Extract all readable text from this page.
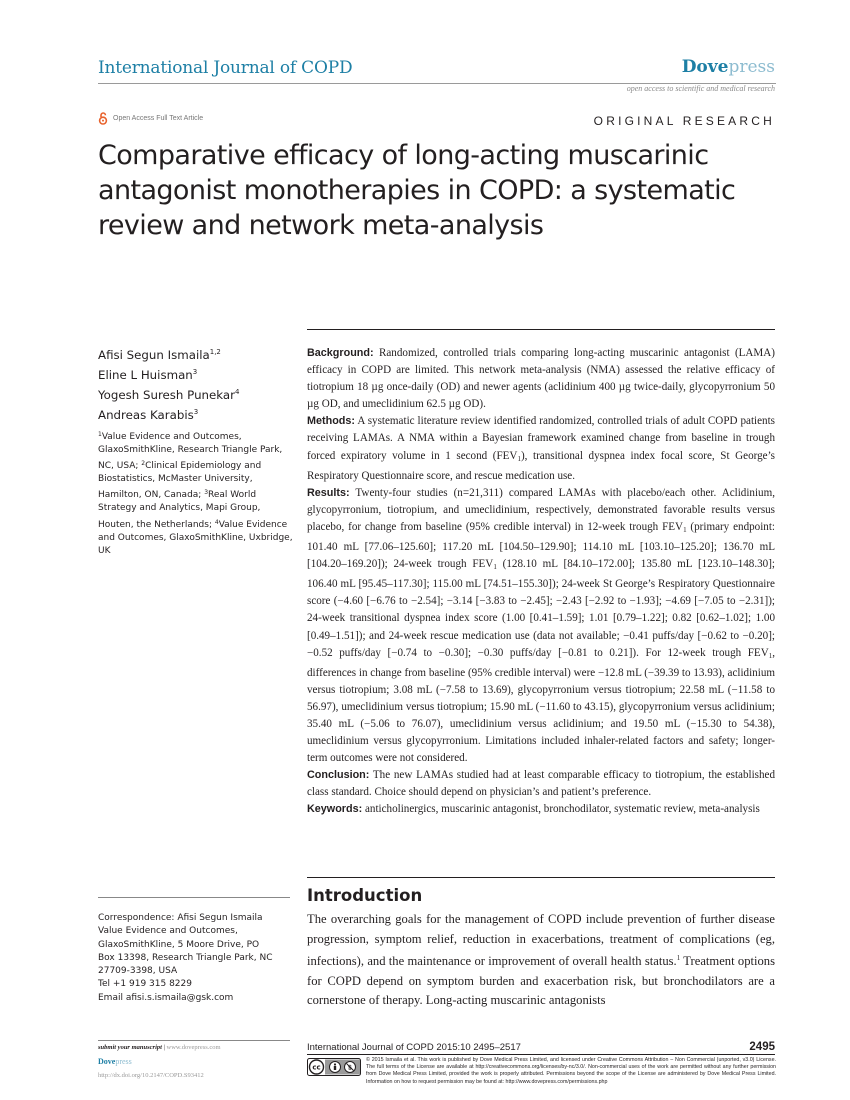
International Journal of COPD	Dovepress
open access to scientific and medical research
Open Access Full Text Article	ORIGINAL RESEARCH
Comparative efficacy of long-acting muscarinic
antagonist monotherapies in COPD: a systematic
review and network meta-analysis
Afisi Segun Ismaila$^{1,2}$
Eline L Huisman$^3$
Yogesh Suresh Punekar$^4$
Andreas Karabis$^3$
$^1$Value Evidence and Outcomes, GlaxoSmithKline, Research Triangle Park, NC, USA; $^2$Clinical Epidemiology and Biostatistics, McMaster University, Hamilton, ON, Canada; $^3$Real World Strategy and Analytics, Mapi Group, Houten, the Netherlands; $^4$Value Evidence and Outcomes, GlaxoSmithKline, Uxbridge, UK
Correspondence: Afisi Segun Ismaila
Value Evidence and Outcomes,
GlaxoSmithKline, 5 Moore Drive, PO
Box 13398, Research Triangle Park, NC
27709-3398, USA
Tel +1 919 315 8229
Email afisi.s.ismaila@gsk.com

Background: Randomized, controlled trials comparing long-acting muscarinic antagonist (LAMA) efficacy in COPD are limited. This network meta-analysis (NMA) assessed the relative efficacy of tiotropium 18 µg once-daily (OD) and newer agents (aclidinium 400 µg twice-daily, glycopyrronium 50 µg OD, and umeclidinium 62.5 µg OD).

Methods: A systematic literature review identified randomized, controlled trials of adult COPD patients receiving LAMAs. A NMA within a Bayesian framework examined change from baseline in trough forced expiratory volume in 1 second $(FEV_1)$, transitional dyspnea index focal score, St George’s Respiratory Questionnaire score, and rescue medication use.

Results: Twenty-four studies (n=21,311) compared LAMAs with placebo/each other. Aclidinium, glycopyrronium, tiotropium, and umeclidinium, respectively, demonstrated favorable results versus placebo, for change from baseline (95% credible interval) in 12-week trough $FEV_1$ (primary endpoint: 101.40 mL [77.06–125.60]; 117.20 mL [104.50–129.90]; 114.10 mL [103.10–125.20]; 136.70 mL [104.20–169.20]); 24-week trough $FEV_1$ (128.10 mL [84.10–172.00]; 135.80 mL [123.10–148.30]; 106.40 mL [95.45–117.30]; 115.00 mL [74.51–155.30]); 24-week St George’s Respiratory Questionnaire score (−4.60 [−6.76 to −2.54]; −3.14 [−3.83 to −2.45]; −2.43 [−2.92 to −1.93]; −4.69 [−7.05 to −2.31]); 24-week transitional dyspnea index score (1.00 [0.41–1.59]; 1.01 [0.79–1.22]; 0.82 [0.62–1.02]; 1.00 [0.49–1.51]); and 24-week rescue medication use (data not available; −0.41 puffs/day [−0.62 to −0.20]; −0.52 puffs/day [−0.74 to −0.30]; −0.30 puffs/day [−0.81 to 0.21]). For 12-week trough $FEV_1$, differences in change from baseline (95% credible interval) were −12.8 mL (−39.39 to 13.93), aclidinium versus tiotropium; 3.08 mL (−7.58 to 13.69), glycopyrronium versus tiotropium; 22.58 mL (−11.58 to 56.97), umeclidinium versus tiotropium; 15.90 mL (−11.60 to 43.15), glycopyrronium versus aclidinium; 35.40 mL (−5.06 to 76.07), umeclidinium versus aclidinium; and 19.50 mL (−15.30 to 54.38), umeclidinium versus glycopyrronium. Limitations included inhaler-related factors and safety; longer-term outcomes were not considered.

Conclusion: The new LAMAs studied had at least comparable efficacy to tiotropium, the established class standard. Choice should depend on physician’s and patient’s preference.

Keywords: anticholinergics, muscarinic antagonist, bronchodilator, systematic review, meta-analysis

Introduction
The overarching goals for the management of COPD include prevention of further disease progression, symptom relief, reduction in exacerbations, treatment of complications (eg, infections), and the maintenance or improvement of overall health status.$^1$ Treatment options for COPD depend on symptom burden and exacerbation risk, but bronchodilators are a cornerstone of therapy. Long-acting muscarinic antagonists
submit your manuscript | www.dovepress.com
Dovepress
http://dx.doi.org/10.2147/COPD.S93412
International Journal of COPD 2015:10 2495–2517	2495
cc	$
© 2015 Ismaila et al. This work is published by Dove Medical Press Limited, and licensed under Creative Commons Attribution – Non Commercial (unported, v3.0) License. The full terms of the License are available at http://creativecommons.org/licenses/by-nc/3.0/. Non-commercial uses of the work are permitted without any further permission from Dove Medical Press Limited, provided the work is properly attributed. Permissions beyond the scope of the License are administered by Dove Medical Press Limited. Information on how to request permission may be found at: http://www.dovepress.com/permissions.php
